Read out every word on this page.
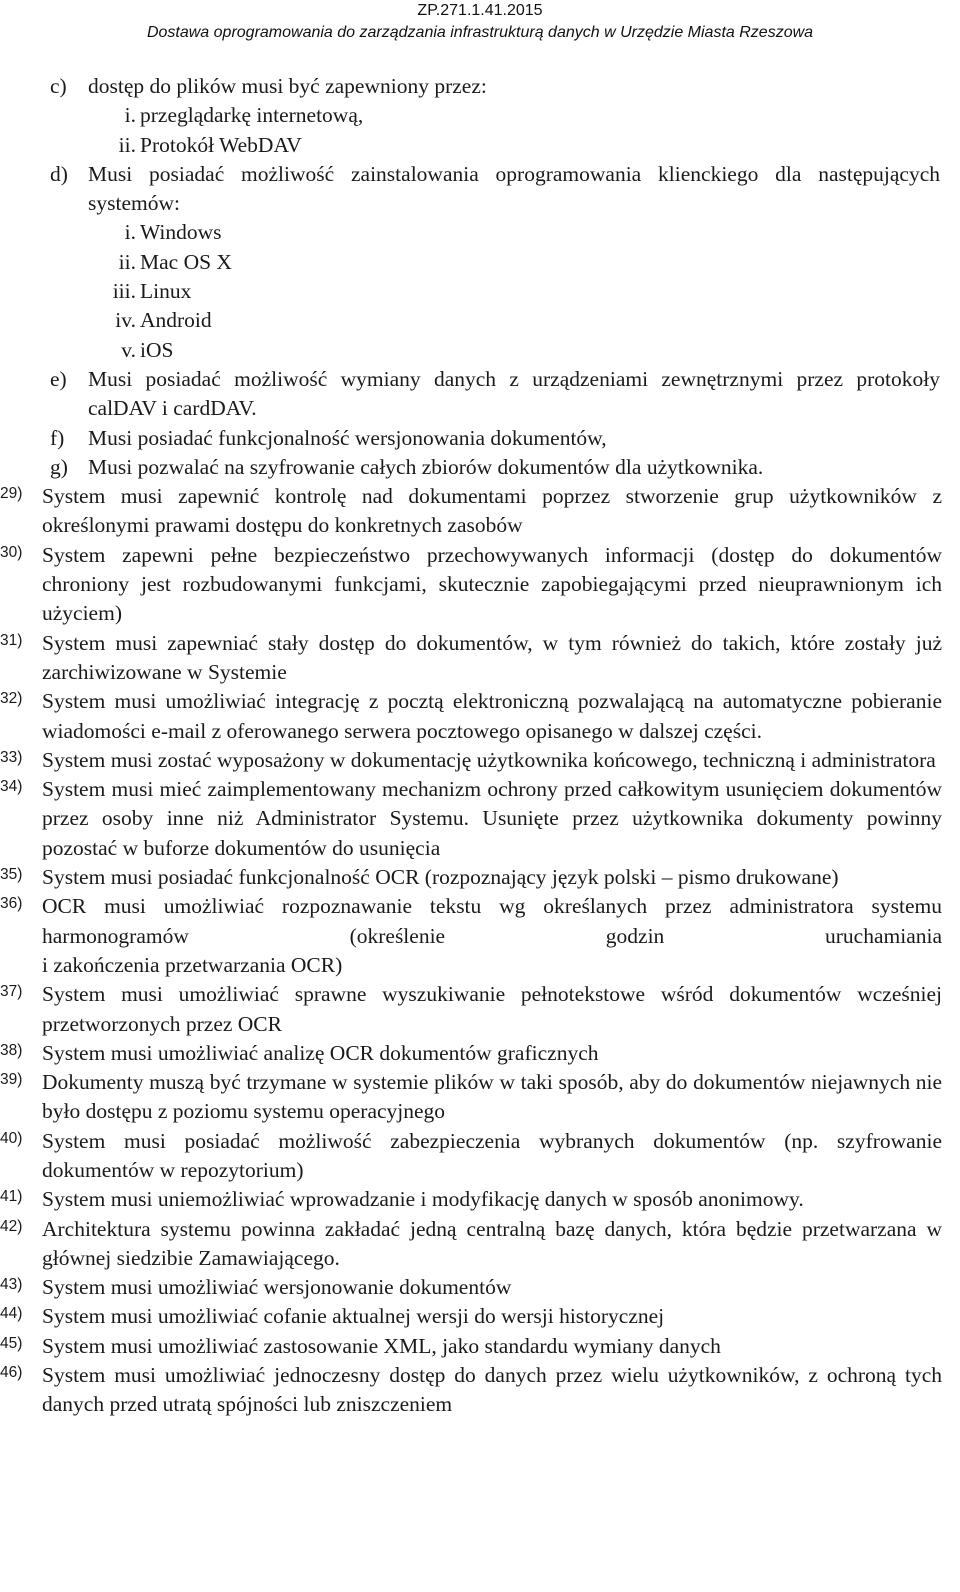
ZP.271.1.41.2015
Dostawa oprogramowania do zarządzania infrastrukturą danych w Urzędzie Miasta Rzeszowa
c) dostęp do plików musi być zapewniony przez:
i. przeglądarkę internetową,
ii. Protokół WebDAV
d) Musi posiadać możliwość zainstalowania oprogramowania klienckiego dla następujących systemów:
i. Windows
ii. Mac OS X
iii. Linux
iv. Android
v. iOS
e) Musi posiadać możliwość wymiany danych z urządzeniami zewnętrznymi przez protokoły calDAV i cardDAV.
f) Musi posiadać funkcjonalność wersjonowania dokumentów,
g) Musi pozwalać na szyfrowanie całych zbiorów dokumentów dla użytkownika.
29) System musi zapewnić kontrolę nad dokumentami poprzez stworzenie grup użytkowników z określonymi prawami dostępu do konkretnych zasobów
30) System zapewni pełne bezpieczeństwo przechowywanych informacji (dostęp do dokumentów chroniony jest rozbudowanymi funkcjami, skutecznie zapobiegającymi przed nieuprawnionym ich użyciem)
31) System musi zapewniać stały dostęp do dokumentów, w tym również do takich, które zostały już zarchiwizowane w Systemie
32) System musi umożliwiać integrację z pocztą elektroniczną pozwalającą na automatyczne pobieranie wiadomości e-mail z oferowanego serwera pocztowego opisanego w dalszej części.
33) System musi zostać wyposażony w dokumentację użytkownika końcowego, techniczną i administratora
34) System musi mieć zaimplementowany mechanizm ochrony przed całkowitym usunięciem dokumentów przez osoby inne niż Administrator Systemu. Usunięte przez użytkownika dokumenty powinny pozostać w buforze dokumentów do usunięcia
35) System musi posiadać funkcjonalność OCR (rozpoznający język polski – pismo drukowane)
36) OCR musi umożliwiać rozpoznawanie tekstu wg określanych przez administratora systemu harmonogramów (określenie godzin uruchamiania
i zakończenia przetwarzania OCR)
37) System musi umożliwiać sprawne wyszukiwanie pełnotekstowe wśród dokumentów wcześniej przetworzonych przez OCR
38) System musi umożliwiać analizę OCR dokumentów graficznych
39) Dokumenty muszą być trzymane w systemie plików w taki sposób, aby do dokumentów niejawnych nie było dostępu z poziomu systemu operacyjnego
40) System musi posiadać możliwość zabezpieczenia wybranych dokumentów (np. szyfrowanie dokumentów w repozytorium)
41) System musi uniemożliwiać wprowadzanie i modyfikację danych w sposób anonimowy.
42) Architektura systemu powinna zakładać jedną centralną bazę danych, która będzie przetwarzana w głównej siedzibie Zamawiającego.
43) System musi umożliwiać wersjonowanie dokumentów
44) System musi umożliwiać cofanie aktualnej wersji do wersji historycznej
45) System musi umożliwiać zastosowanie XML, jako standardu wymiany danych
46) System musi umożliwiać jednoczesny dostęp do danych przez wielu użytkowników, z ochroną tych danych przed utratą spójności lub zniszczeniem
